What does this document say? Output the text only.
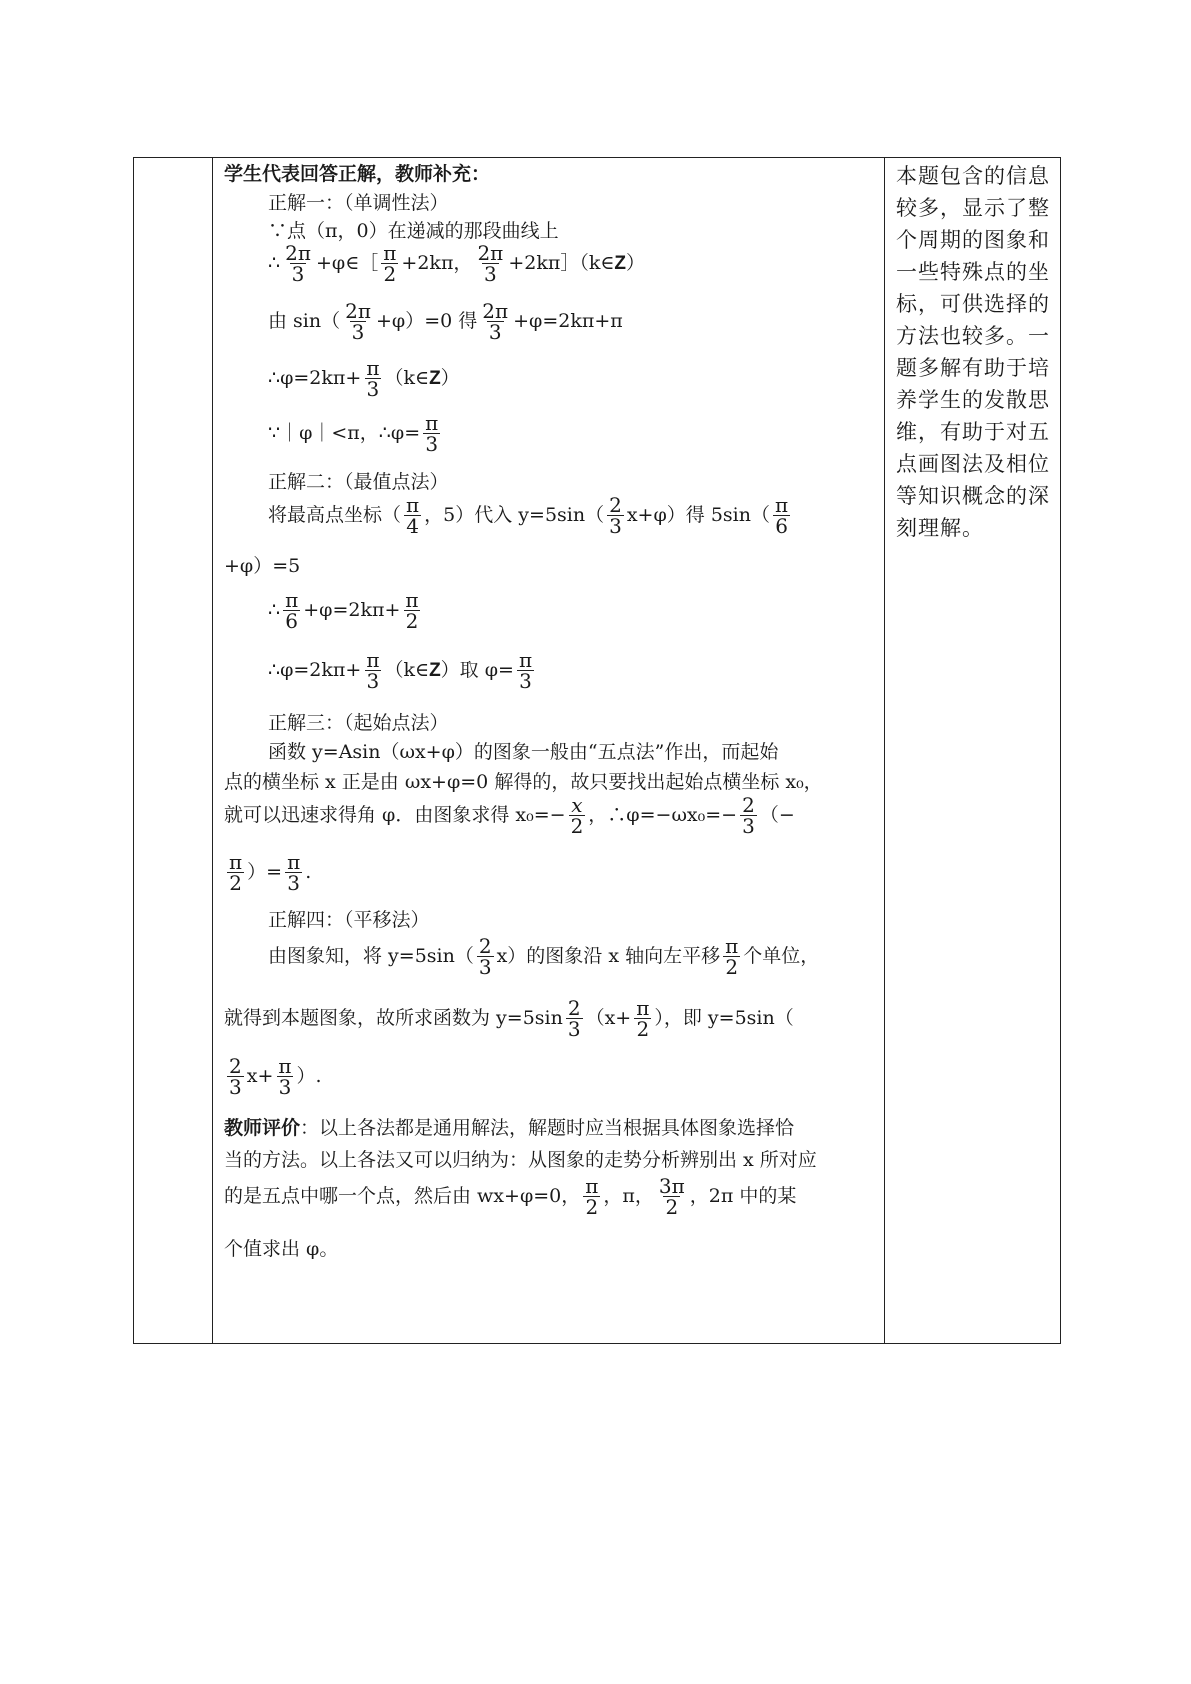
学生代表回答正解，教师补充：
正解一：（单调性法）
∵点（π，0）在递减的那段曲线上
∴ $\frac{2\pi}{3}$ +φ∈［ $\frac{\pi}{2} +2k\pi$， $\frac{2\pi}{3}$ +2kπ］（k∈Z）
由 $\sin( \frac{2\pi}{3} +\varphi)=0$ 得 $\frac{2\pi}{3} +\varphi=2k\pi+\pi$
∴φ=2kπ+ $\frac{\pi}{3}$ （k∈Z）
∵｜φ｜<π，∴φ= $\frac{\pi}{3}$
正解二：（最值点法）
将最高点坐标（ $\frac{\pi}{4}$ ，5）代入 $y=5\sin( \frac{2}{3} x+\varphi)$得 $5\sin( \frac{\pi}{6}$
+φ）=5
∴ $\frac{\pi}{6} +\varphi=2k\pi+ \frac{\pi}{2}$
∴φ=2kπ+ $\frac{\pi}{3}$ （k∈Z）取 $\varphi= \frac{\pi}{3}$
正解三：（起始点法）
函数 y=Asin（ωx+φ）的图象一般由“五点法”作出，而起始
点的横坐标 x 正是由 ωx+φ=0 解得的，故只要找出起始点横坐标 x₀，
就可以迅速求得角 φ．由图象求得 $x_0=- \frac{x}{2}$ ，∴φ=−ωx₀=− $\frac{2}{3}$ （−
$\frac{\pi}{2}$ ）= $\frac{\pi}{3}$ .
正解四：（平移法）
由图象知，将 $y=5\sin( \frac{2}{3} x)$的图象沿 x 轴向左平移 $\frac{\pi}{2}$ 个单位，
就得到本题图象，故所求函数为 $y=5\sin \frac{2}{3} (x+ \frac{\pi}{2}$ ），即 y=5sin（
$\frac{2}{3} x+ \frac{\pi}{3}$ ）.
教师评价：以上各法都是通用解法，解题时应当根据具体图象选择恰
当的方法。以上各法又可以归纳为：从图象的走势分析辨别出 x 所对应
的是五点中哪一个点，然后由 wx+φ=0， $\frac{\pi}{2}$ ，π， $\frac{3\pi}{2}$ ，2π 中的某
个值求出 φ。
本题包含的信息
较多，显示了整
个周期的图象和
一些特殊点的坐
标，可供选择的
方法也较多。一
题多解有助于培
养学生的发散思
维，有助于对五
点画图法及相位
等知识概念的深
刻理解。
